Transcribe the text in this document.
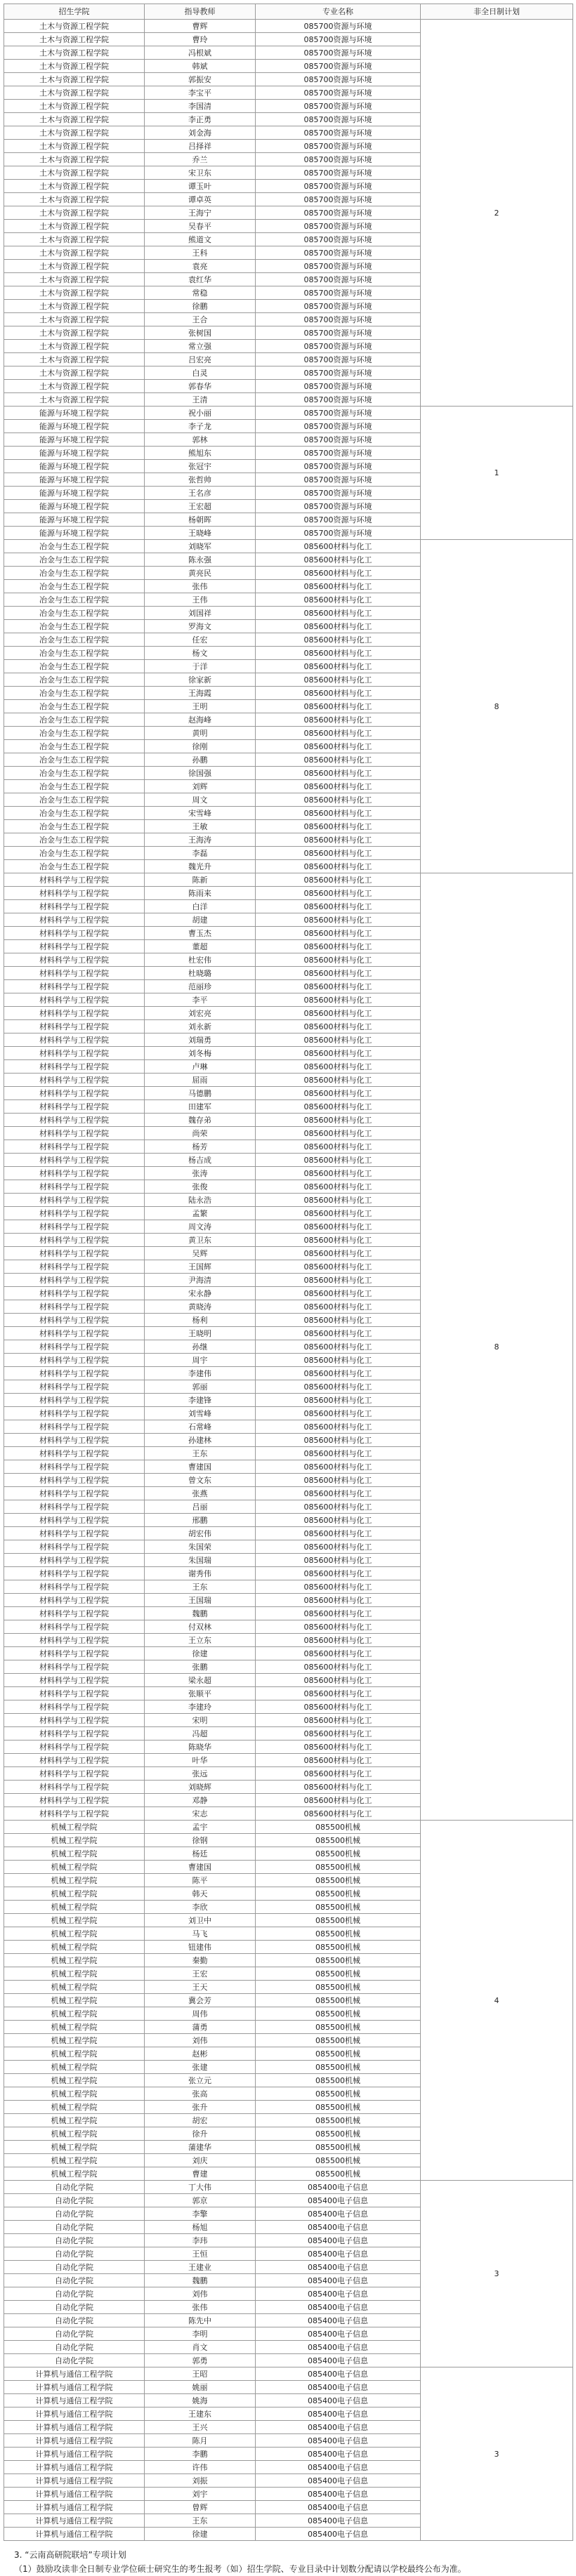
招生学院	指导教师	专业名称	非全日制计划
土木与资源工程学院	曹辉	085700资源与环境	2
土木与资源工程学院	曹玲	085700资源与环境	
土木与资源工程学院	冯根斌	085700资源与环境	
土木与资源工程学院	韩斌	085700资源与环境	
土木与资源工程学院	郭振安	085700资源与环境	
土木与资源工程学院	李宝平	085700资源与环境	
土木与资源工程学院	李国清	085700资源与环境	
土木与资源工程学院	李正勇	085700资源与环境	
土木与资源工程学院	刘金海	085700资源与环境	
土木与资源工程学院	吕择祥	085700资源与环境	
土木与资源工程学院	乔兰	085700资源与环境	
土木与资源工程学院	宋卫东	085700资源与环境	
土木与资源工程学院	谭玉叶	085700资源与环境	
土木与资源工程学院	谭卓英	085700资源与环境	
土木与资源工程学院	王海宁	085700资源与环境	
土木与资源工程学院	吴春平	085700资源与环境	
土木与资源工程学院	熊道文	085700资源与环境	
土木与资源工程学院	王科	085700资源与环境	
土木与资源工程学院	袁亮	085700资源与环境	
土木与资源工程学院	袁红华	085700资源与环境	
土木与资源工程学院	常稳	085700资源与环境	
土木与资源工程学院	徐鹏	085700资源与环境	
土木与资源工程学院	王合	085700资源与环境	
土木与资源工程学院	张树国	085700资源与环境	
土木与资源工程学院	常立强	085700资源与环境	
土木与资源工程学院	吕宏亮	085700资源与环境	
土木与资源工程学院	白灵	085700资源与环境	
土木与资源工程学院	郭春华	085700资源与环境	
土木与资源工程学院	王清	085700资源与环境	
能源与环境工程学院	祝小丽	085700资源与环境	1
能源与环境工程学院	李子龙	085700资源与环境	
能源与环境工程学院	郭林	085700资源与环境	
能源与环境工程学院	熊旭东	085700资源与环境	
能源与环境工程学院	张冠宇	085700资源与环境	
能源与环境工程学院	张哲帅	085700资源与环境	
能源与环境工程学院	王名彦	085700资源与环境	
能源与环境工程学院	王宏超	085700资源与环境	
能源与环境工程学院	杨朝晖	085700资源与环境	
能源与环境工程学院	王晓峰	085700资源与环境	
冶金与生态工程学院	刘晓军	085600材料与化工	8
冶金与生态工程学院	陈永强	085600材料与化工	
冶金与生态工程学院	黄亮民	085600材料与化工	
冶金与生态工程学院	张伟	085600材料与化工	
冶金与生态工程学院	王伟	085600材料与化工	
冶金与生态工程学院	刘国祥	085600材料与化工	
冶金与生态工程学院	罗海文	085600材料与化工	
冶金与生态工程学院	任宏	085600材料与化工	
冶金与生态工程学院	杨文	085600材料与化工	
冶金与生态工程学院	于洋	085600材料与化工	
冶金与生态工程学院	徐家新	085600材料与化工	
冶金与生态工程学院	王海霞	085600材料与化工	
冶金与生态工程学院	王明	085600材料与化工	
冶金与生态工程学院	赵海峰	085600材料与化工	
冶金与生态工程学院	黄明	085600材料与化工	
冶金与生态工程学院	徐刚	085600材料与化工	
冶金与生态工程学院	孙鹏	085600材料与化工	
冶金与生态工程学院	徐国强	085600材料与化工	
冶金与生态工程学院	刘辉	085600材料与化工	
冶金与生态工程学院	周文	085600材料与化工	
冶金与生态工程学院	宋雪峰	085600材料与化工	
冶金与生态工程学院	王敏	085600材料与化工	
冶金与生态工程学院	王海涛	085600材料与化工	
冶金与生态工程学院	李磊	085600材料与化工	
冶金与生态工程学院	魏光升	085600材料与化工	
材料科学与工程学院	陈新	085600材料与化工	8
材料科学与工程学院	陈雨来	085600材料与化工	
材料科学与工程学院	白洋	085600材料与化工	
材料科学与工程学院	胡建	085600材料与化工	
材料科学与工程学院	曹玉杰	085600材料与化工	
材料科学与工程学院	董超	085600材料与化工	
材料科学与工程学院	杜宏伟	085600材料与化工	
材料科学与工程学院	杜晓璐	085600材料与化工	
材料科学与工程学院	范丽珍	085600材料与化工	
材料科学与工程学院	李平	085600材料与化工	
材料科学与工程学院	刘宏亮	085600材料与化工	
材料科学与工程学院	刘永新	085600材料与化工	
材料科学与工程学院	刘瑞勇	085600材料与化工	
材料科学与工程学院	刘冬梅	085600材料与化工	
材料科学与工程学院	卢琳	085600材料与化工	
材料科学与工程学院	屈雨	085600材料与化工	
材料科学与工程学院	马德鹏	085600材料与化工	
材料科学与工程学院	田建军	085600材料与化工	
材料科学与工程学院	魏存弟	085600材料与化工	
材料科学与工程学院	尚荣	085600材料与化工	
材料科学与工程学院	杨芳	085600材料与化工	
材料科学与工程学院	杨吉成	085600材料与化工	
材料科学与工程学院	张涛	085600材料与化工	
材料科学与工程学院	张俊	085600材料与化工	
材料科学与工程学院	陆永浩	085600材料与化工	
材料科学与工程学院	孟繁	085600材料与化工	
材料科学与工程学院	周文涛	085600材料与化工	
材料科学与工程学院	黄卫东	085600材料与化工	
材料科学与工程学院	吴辉	085600材料与化工	
材料科学与工程学院	王国辉	085600材料与化工	
材料科学与工程学院	尹海清	085600材料与化工	
材料科学与工程学院	宋永静	085600材料与化工	
材料科学与工程学院	黄晓涛	085600材料与化工	
材料科学与工程学院	杨利	085600材料与化工	
材料科学与工程学院	王晓明	085600材料与化工	
材料科学与工程学院	孙继	085600材料与化工	
材料科学与工程学院	周宇	085600材料与化工	
材料科学与工程学院	李建伟	085600材料与化工	
材料科学与工程学院	郭丽	085600材料与化工	
材料科学与工程学院	李建锋	085600材料与化工	
材料科学与工程学院	刘雪峰	085600材料与化工	
材料科学与工程学院	石常峰	085600材料与化工	
材料科学与工程学院	孙建林	085600材料与化工	
材料科学与工程学院	王东	085600材料与化工	
材料科学与工程学院	曹建国	085600材料与化工	
材料科学与工程学院	曾文东	085600材料与化工	
材料科学与工程学院	张燕	085600材料与化工	
材料科学与工程学院	吕丽	085600材料与化工	
材料科学与工程学院	邢鹏	085600材料与化工	
材料科学与工程学院	胡宏伟	085600材料与化工	
材料科学与工程学院	朱国荣	085600材料与化工	
材料科学与工程学院	朱国瑞	085600材料与化工	
材料科学与工程学院	谢秀伟	085600材料与化工	
材料科学与工程学院	王东	085600材料与化工	
材料科学与工程学院	王国瑞	085600材料与化工	
材料科学与工程学院	魏鹏	085600材料与化工	
材料科学与工程学院	付双林	085600材料与化工	
材料科学与工程学院	王立东	085600材料与化工	
材料科学与工程学院	徐建	085600材料与化工	
材料科学与工程学院	张鹏	085600材料与化工	
材料科学与工程学院	梁永超	085600材料与化工	
材料科学与工程学院	张顺平	085600材料与化工	
材料科学与工程学院	李建玲	085600材料与化工	
材料科学与工程学院	宋明	085600材料与化工	
材料科学与工程学院	冯超	085600材料与化工	
材料科学与工程学院	陈晓华	085600材料与化工	
材料科学与工程学院	叶华	085600材料与化工	
材料科学与工程学院	张远	085600材料与化工	
材料科学与工程学院	刘晓辉	085600材料与化工	
材料科学与工程学院	邓静	085600材料与化工	
材料科学与工程学院	宋志	085600材料与化工	
机械工程学院	孟宇	085500机械	4
机械工程学院	徐钢	085500机械	
机械工程学院	杨廷	085500机械	
机械工程学院	曹建国	085500机械	
机械工程学院	陈平	085500机械	
机械工程学院	韩天	085500机械	
机械工程学院	李欣	085500机械	
机械工程学院	刘卫中	085500机械	
机械工程学院	马飞	085500机械	
机械工程学院	钮建伟	085500机械	
机械工程学院	秦勤	085500机械	
机械工程学院	王宏	085500机械	
机械工程学院	王天	085500机械	
机械工程学院	冀会芳	085500机械	
机械工程学院	周伟	085500机械	
机械工程学院	蒲勇	085500机械	
机械工程学院	刘伟	085500机械	
机械工程学院	赵彬	085500机械	
机械工程学院	张建	085500机械	
机械工程学院	张立元	085500机械	
机械工程学院	张高	085500机械	
机械工程学院	张升	085500机械	
机械工程学院	胡宏	085500机械	
机械工程学院	徐升	085500机械	
机械工程学院	蒲建华	085500机械	
机械工程学院	刘庆	085500机械	
机械工程学院	曹建	085500机械	
自动化学院	丁大伟	085400电子信息	3
自动化学院	郭京	085400电子信息	
自动化学院	李擎	085400电子信息	
自动化学院	杨旭	085400电子信息	
自动化学院	李玮	085400电子信息	
自动化学院	王恒	085400电子信息	
自动化学院	王建业	085400电子信息	
自动化学院	魏鹏	085400电子信息	
自动化学院	刘伟	085400电子信息	
自动化学院	张伟	085400电子信息	
自动化学院	陈先中	085400电子信息	
自动化学院	李明	085400电子信息	
自动化学院	肖文	085400电子信息	
自动化学院	郭勇	085400电子信息	
计算机与通信工程学院	王昭	085400电子信息	3
计算机与通信工程学院	姚丽	085400电子信息	
计算机与通信工程学院	姚海	085400电子信息	
计算机与通信工程学院	王建东	085400电子信息	
计算机与通信工程学院	王兴	085400电子信息	
计算机与通信工程学院	陈月	085400电子信息	
计算机与通信工程学院	李鹏	085400电子信息	
计算机与通信工程学院	许伟	085400电子信息	
计算机与通信工程学院	刘振	085400电子信息	
计算机与通信工程学院	刘宇	085400电子信息	
计算机与通信工程学院	曾辉	085400电子信息	
计算机与通信工程学院	王东	085400电子信息	
计算机与通信工程学院	徐建	085400电子信息	

3. “云南高研院联培”专项计划

（1）鼓励攻读非全日制专业学位硕士研究生的考生报考（如）招生学院、专业目录中计划数分配请以学校最终公布为准。
